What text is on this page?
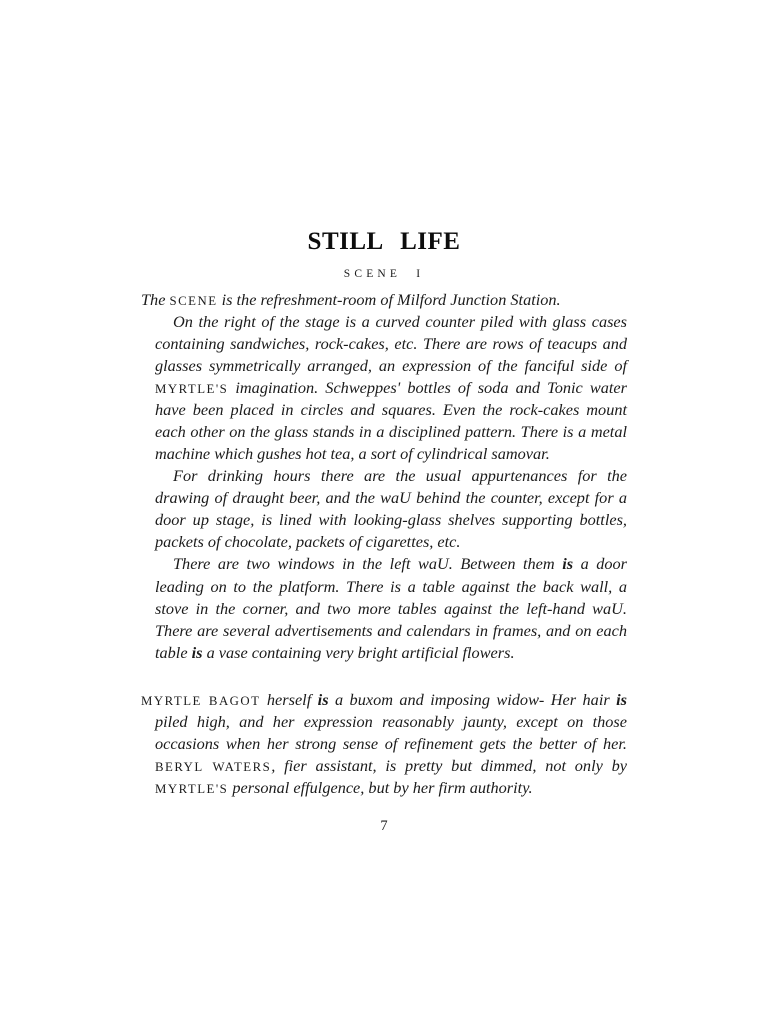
STILL LIFE
SCENE I

The SCENE is the refreshment-room of Milford Junction Station.

On the right of the stage is a curved counter piled with glass cases containing sandwiches, rock-cakes, etc. There are rows of teacups and glasses symmetrically arranged, an expression of the fanciful side of MYRTLE'S imagination. Schweppes' bottles of soda and Tonic water have been placed in circles and squares. Even the rock-cakes mount each other on the glass stands in a disciplined pattern. There is a metal machine which gushes hot tea, a sort of cylindrical samovar.

For drinking hours there are the usual appurtenances for the drawing of draught beer, and the waU behind the counter, except for a door up stage, is lined with looking-glass shelves supporting bottles, packets of chocolate, packets of cigarettes, etc.

There are two windows in the left waU. Between them is a door leading on to the platform. There is a table against the back wall, a stove in the corner, and two more tables against the left-hand waU. There are several advertisements and calendars in frames, and on each table is a vase containing very bright artificial flowers.

MYRTLE BAGOT herself is a buxom and imposing widow- Her hair is piled high, and her expression reasonably jaunty, except on those occasions when her strong sense of refinement gets the better of her. BERYL WATERS, fier assistant, is pretty but dimmed, not only by MYRTLE'S personal effulgence, but by her firm authority.

7
